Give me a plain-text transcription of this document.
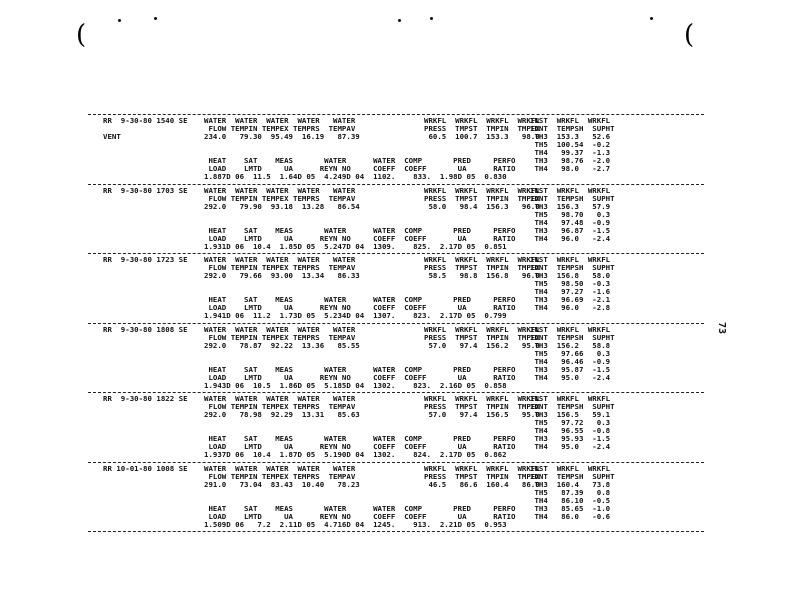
(	(
73
RR  9-30-80 1540 SE
VENT
WATER  WATER  WATER  WATER   WATER
FLOW TEMPIN TEMPEX TEMPRS  TEMPAV
234.0   79.30  95.49  16.19   87.39
WRKFL  WRKFL  WRKFL  WRKFL
PRESS  TMPST  TMPIN  TMPEX
60.5  100.7  153.3   98.0
HEAT    SAT    MEAS       WATER      WATER  COMP       PRED     PERFO
LOAD    LMTD     UA      REYN NO     COEFF  COEFF       UA      RATIO
1.887D 06  11.5  1.64D 05  4.249D 04  1102.    833.  1.98D 05  0.830
INST  WRKFL  WRKFL
IDNT  TEMPSH  SUPHT
TH3  153.3   52.6
TH5  100.54  -0.2
TH4   99.37  -1.3
TH3   98.76  -2.0
TH4   98.0   -2.7
RR  9-30-80 1703 SE WATER  WATER  WATER  WATER   WATER
FLOW TEMPIN TEMPEX TEMPRS  TEMPAV
292.0   79.90  93.18  13.28   86.54
WRKFL  WRKFL  WRKFL  WRKFL
PRESS  TMPST  TMPIN  TMPEX
58.0   98.4  156.3   96.0
HEAT    SAT    MEAS       WATER      WATER  COMP       PRED     PERFO
LOAD    LMTD     UA      REYN NO     COEFF  COEFF       UA      RATIO
1.931D 06  10.4  1.85D 05  5.247D 04  1309.    825.  2.17D 05  0.851
INST  WRKFL  WRKFL
IDNT  TEMPSH  SUPHT
TH3  156.3   57.9
TH5   98.70   0.3
TH4   97.48  -0.9
TH3   96.87  -1.5
TH4   96.0   -2.4
RR  9-30-80 1723 SE WATER  WATER  WATER  WATER   WATER
FLOW TEMPIN TEMPEX TEMPRS  TEMPAV
292.0   79.66  93.00  13.34   86.33
WRKFL  WRKFL  WRKFL  WRKFL
PRESS  TMPST  TMPIN  TMPEX
58.5   98.8  156.8   96.0
HEAT    SAT    MEAS       WATER      WATER  COMP       PRED     PERFO
LOAD    LMTD     UA      REYN NO     COEFF  COEFF       UA      RATIO
1.941D 06  11.2  1.73D 05  5.234D 04  1307.    823.  2.17D 05  0.799
INST  WRKFL  WRKFL
IDNT  TEMPSH  SUPHT
TH3  156.8   58.0
TH5   98.50  -0.3
TH4   97.27  -1.6
TH3   96.69  -2.1
TH4   96.0   -2.8
RR  9-30-80 1808 SE WATER  WATER  WATER  WATER   WATER
FLOW TEMPIN TEMPEX TEMPRS  TEMPAV
292.0   78.87  92.22  13.36   85.55
WRKFL  WRKFL  WRKFL  WRKFL
PRESS  TMPST  TMPIN  TMPEX
57.0   97.4  156.2   95.0
HEAT    SAT    MEAS       WATER      WATER  COMP       PRED     PERFO
LOAD    LMTD     UA      REYN NO     COEFF  COEFF       UA      RATIO
1.943D 06  10.5  1.86D 05  5.185D 04  1302.    823.  2.16D 05  0.858
INST  WRKFL  WRKFL
IDNT  TEMPSH  SUPHT
TH3  156.2   58.8
TH5   97.66   0.3
TH4   96.46  -0.9
TH3   95.87  -1.5
TH4   95.0   -2.4
RR  9-30-80 1822 SE WATER  WATER  WATER  WATER   WATER
FLOW TEMPIN TEMPEX TEMPRS  TEMPAV
292.0   78.98  92.29  13.31   85.63
WRKFL  WRKFL  WRKFL  WRKFL
PRESS  TMPST  TMPIN  TMPEX
57.0   97.4  156.5   95.0
HEAT    SAT    MEAS       WATER      WATER  COMP       PRED     PERFO
LOAD    LMTD     UA      REYN NO     COEFF  COEFF       UA      RATIO
1.937D 06  10.4  1.87D 05  5.190D 04  1302.    824.  2.17D 05  0.862
INST  WRKFL  WRKFL
IDNT  TEMPSH  SUPHT
TH3  156.5   59.1
TH5   97.72   0.3
TH4   96.55  -0.8
TH3   95.93  -1.5
TH4   95.0   -2.4
RR 10-01-80 1008 SE WATER  WATER  WATER  WATER   WATER
FLOW TEMPIN TEMPEX TEMPRS  TEMPAV
291.0   73.04  83.43  10.40   78.23
WRKFL  WRKFL  WRKFL  WRKFL
PRESS  TMPST  TMPIN  TMPEX
46.5   86.6  160.4   86.0
HEAT    SAT    MEAS       WATER      WATER  COMP       PRED     PERFO
LOAD    LMTD     UA      REYN NO     COEFF  COEFF       UA      RATIO
1.509D 06   7.2  2.11D 05  4.716D 04  1245.    913.  2.21D 05  0.953
INST  WRKFL  WRKFL
IDNT  TEMPSH  SUPHT
TH3  160.4   73.8
TH5   87.39   0.8
TH4   86.10  -0.5
TH3   85.65  -1.0
TH4   86.0   -0.6
